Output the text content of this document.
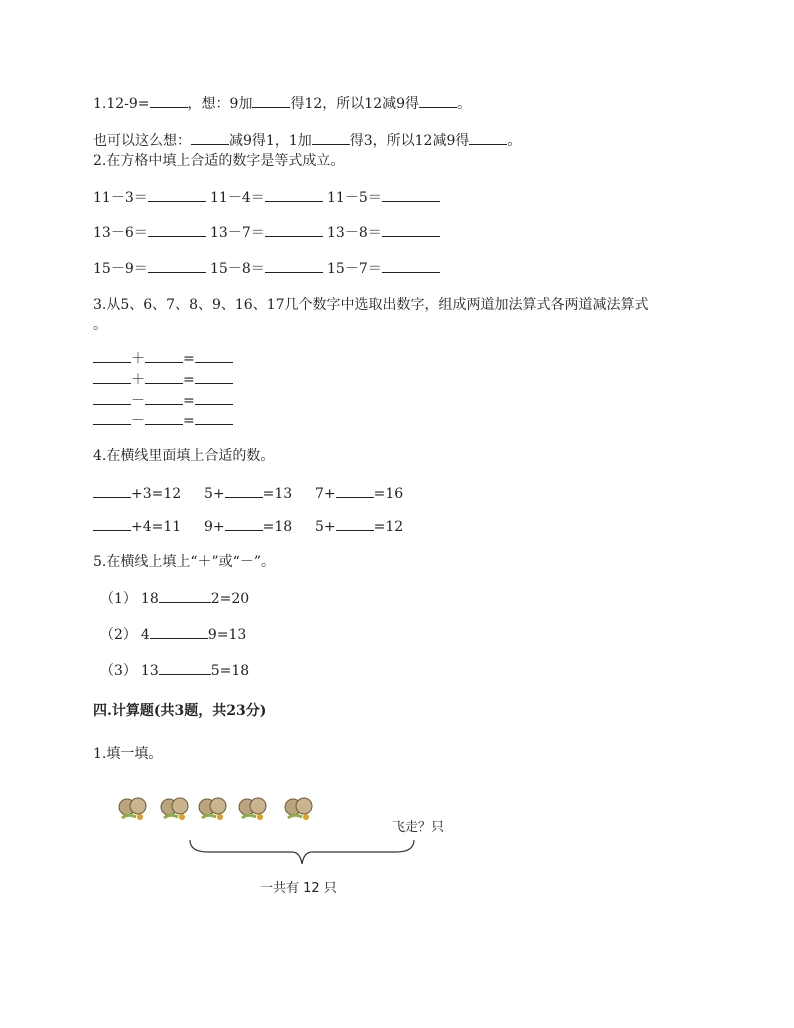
1.12-9=	，想：9加	得12，所以12减9得	。
也可以这么想：	减9得1，1加	得3，所以12减9得	。
2.在方格中填上合适的数字是等式成立。
11－3＝	11－4＝	11－5＝
13－6＝	13－7＝	13－8＝
15－9＝	15－8＝	15－7＝
3.从5、6、7、8、9、16、17几个数字中选取出数字，组成两道加法算式各两道减法算式
。
＋	=
＋	=
－	=
－	=
4.在横线里面填上合适的数。
+3=12 5+	=13 7+	=16
+4=11 9+	=18 5+	=12
5.在横线上填上“＋”或“－”。
（1） 18	2=20
（2） 4	9=13
（3） 13	5=18
四.计算题(共3题，共23分)
1.填一填。
飞走？只
一共有 12 只
